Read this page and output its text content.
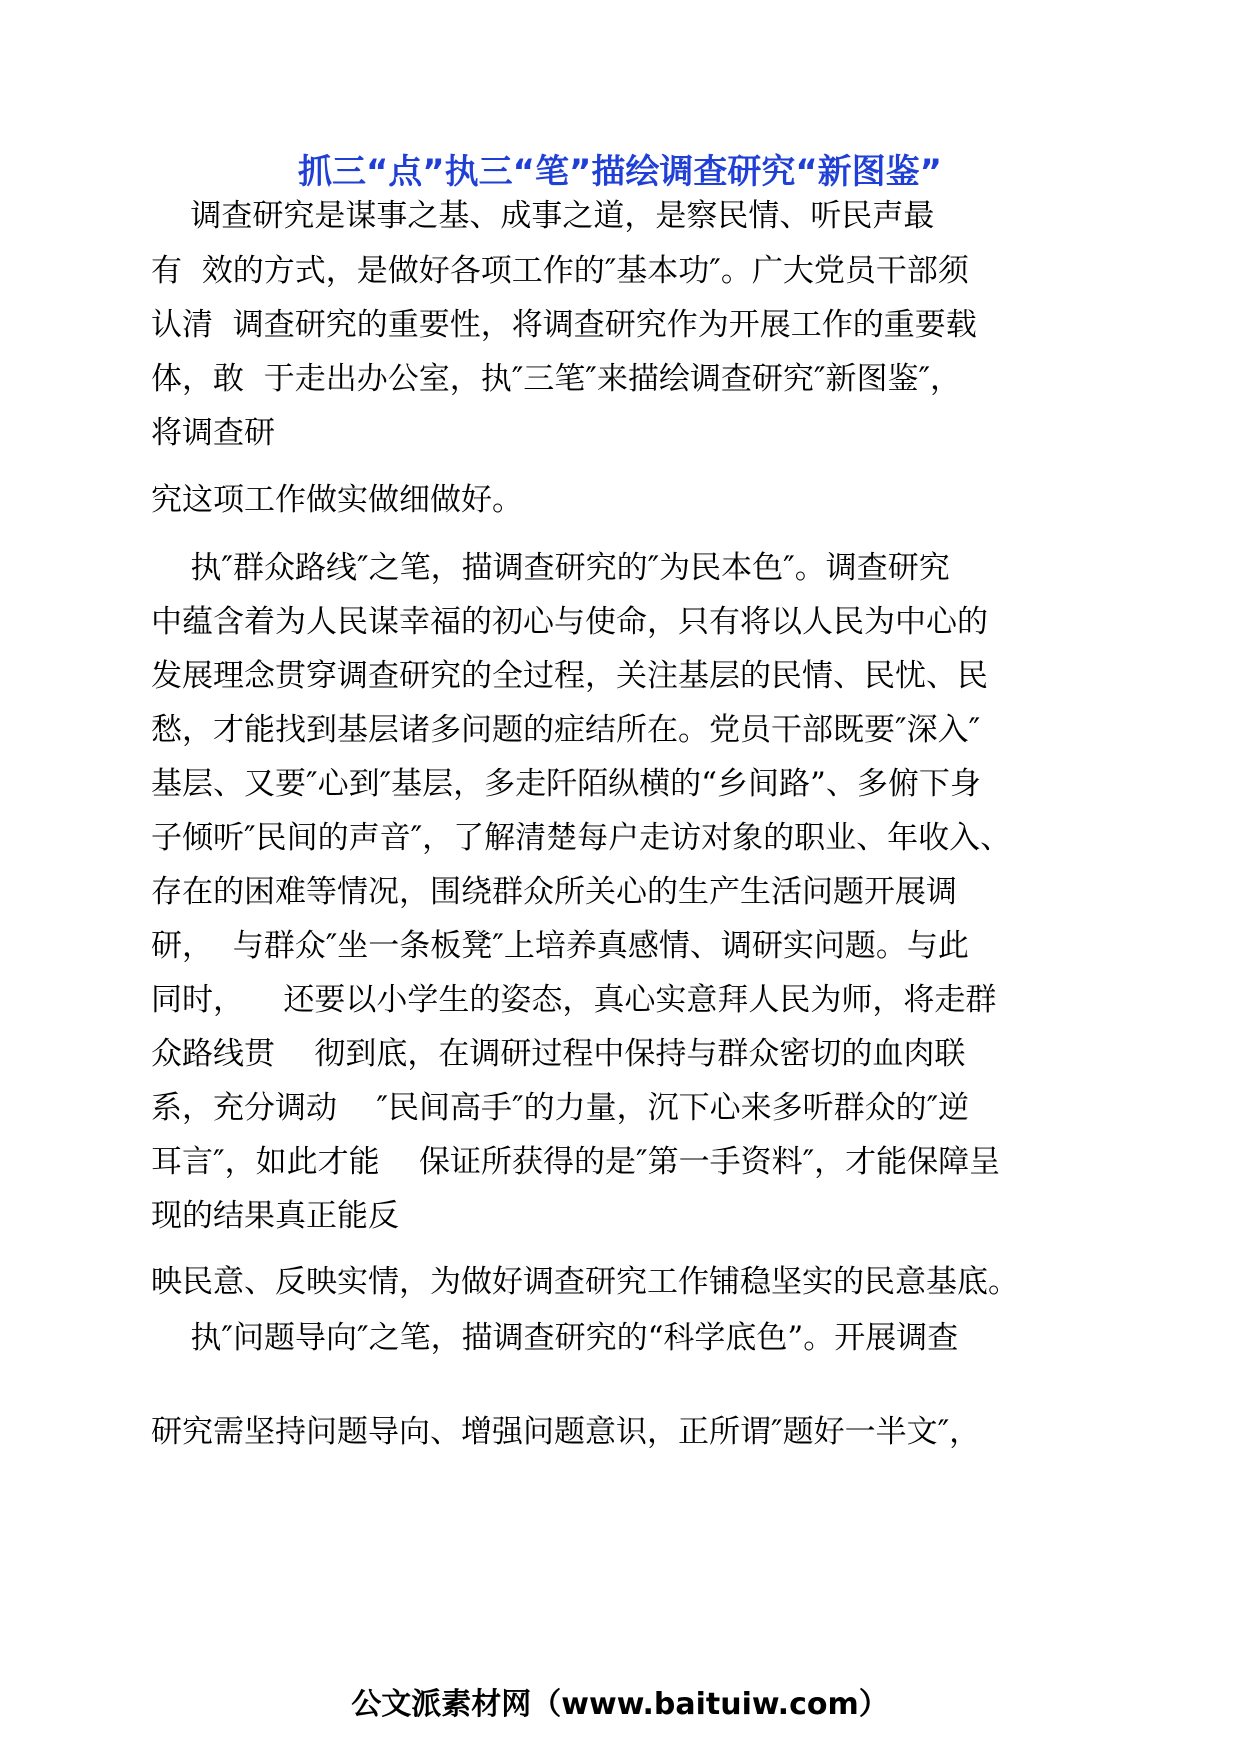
抓三“点”执三“笔”描绘调查研究“新图鉴”
调查研究是谋事之基、成事之道，是察民情、听民声最
有  效的方式，是做好各项工作的″基本功″。广大党员干部须
认清  调查研究的重要性，将调查研究作为开展工作的重要载
体，敢  于走出办公室，执″三笔″来描绘调查研究″新图鉴″，
将调查研
究这项工作做实做细做好。
执″群众路线″之笔，描调查研究的″为民本色″。调查研究
中蕴含着为人民谋幸福的初心与使命，只有将以人民为中心的
发展理念贯穿调查研究的全过程，关注基层的民情、民忧、民
愁，才能找到基层诸多问题的症结所在。党员干部既要″深入″
基层、又要″心到″基层，多走阡陌纵横的“乡间路”、多俯下身
子倾听″民间的声音″，了解清楚每户走访对象的职业、年收入、
存在的困难等情况，围绕群众所关心的生产生活问题开展调
研，  与群众″坐一条板凳″上培养真感情、调研实问题。与此
同时，    还要以小学生的姿态，真心实意拜人民为师，将走群
众路线贯    彻到底，在调研过程中保持与群众密切的血肉联
系，充分调动    ″民间高手″的力量，沉下心来多听群众的″逆
耳言″，如此才能    保证所获得的是″第一手资料″，才能保障呈
现的结果真正能反
映民意、反映实情，为做好调查研究工作铺稳坚实的民意基底。
执″问题导向″之笔，描调查研究的“科学底色”。开展调查
研究需坚持问题导向、增强问题意识，正所谓″题好一半文″，
公文派素材网（www.baituiw.com）
